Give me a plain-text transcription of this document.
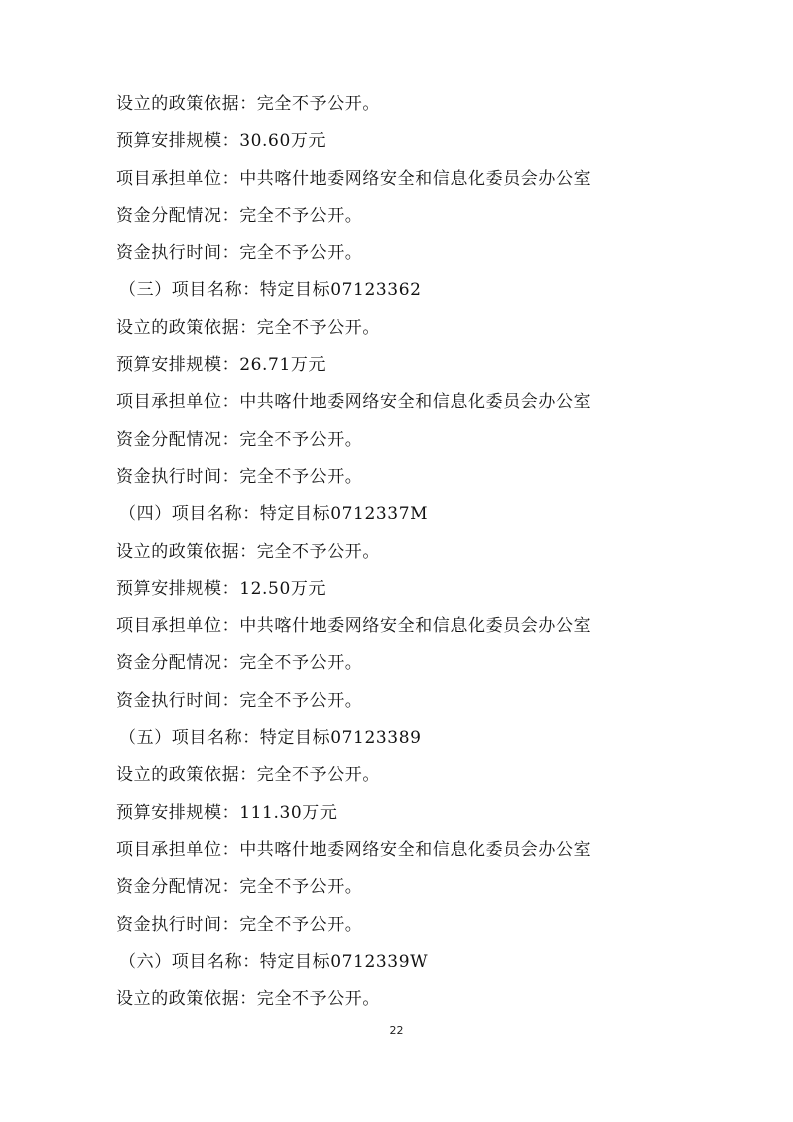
设立的政策依据：完全不予公开。
预算安排规模：30.60万元
项目承担单位：中共喀什地委网络安全和信息化委员会办公室
资金分配情况：完全不予公开。
资金执行时间：完全不予公开。
（三）项目名称：特定目标07123362
设立的政策依据：完全不予公开。
预算安排规模：26.71万元
项目承担单位：中共喀什地委网络安全和信息化委员会办公室
资金分配情况：完全不予公开。
资金执行时间：完全不予公开。
（四）项目名称：特定目标0712337M
设立的政策依据：完全不予公开。
预算安排规模：12.50万元
项目承担单位：中共喀什地委网络安全和信息化委员会办公室
资金分配情况：完全不予公开。
资金执行时间：完全不予公开。
（五）项目名称：特定目标07123389
设立的政策依据：完全不予公开。
预算安排规模：111.30万元
项目承担单位：中共喀什地委网络安全和信息化委员会办公室
资金分配情况：完全不予公开。
资金执行时间：完全不予公开。
（六）项目名称：特定目标0712339W
设立的政策依据：完全不予公开。
22
